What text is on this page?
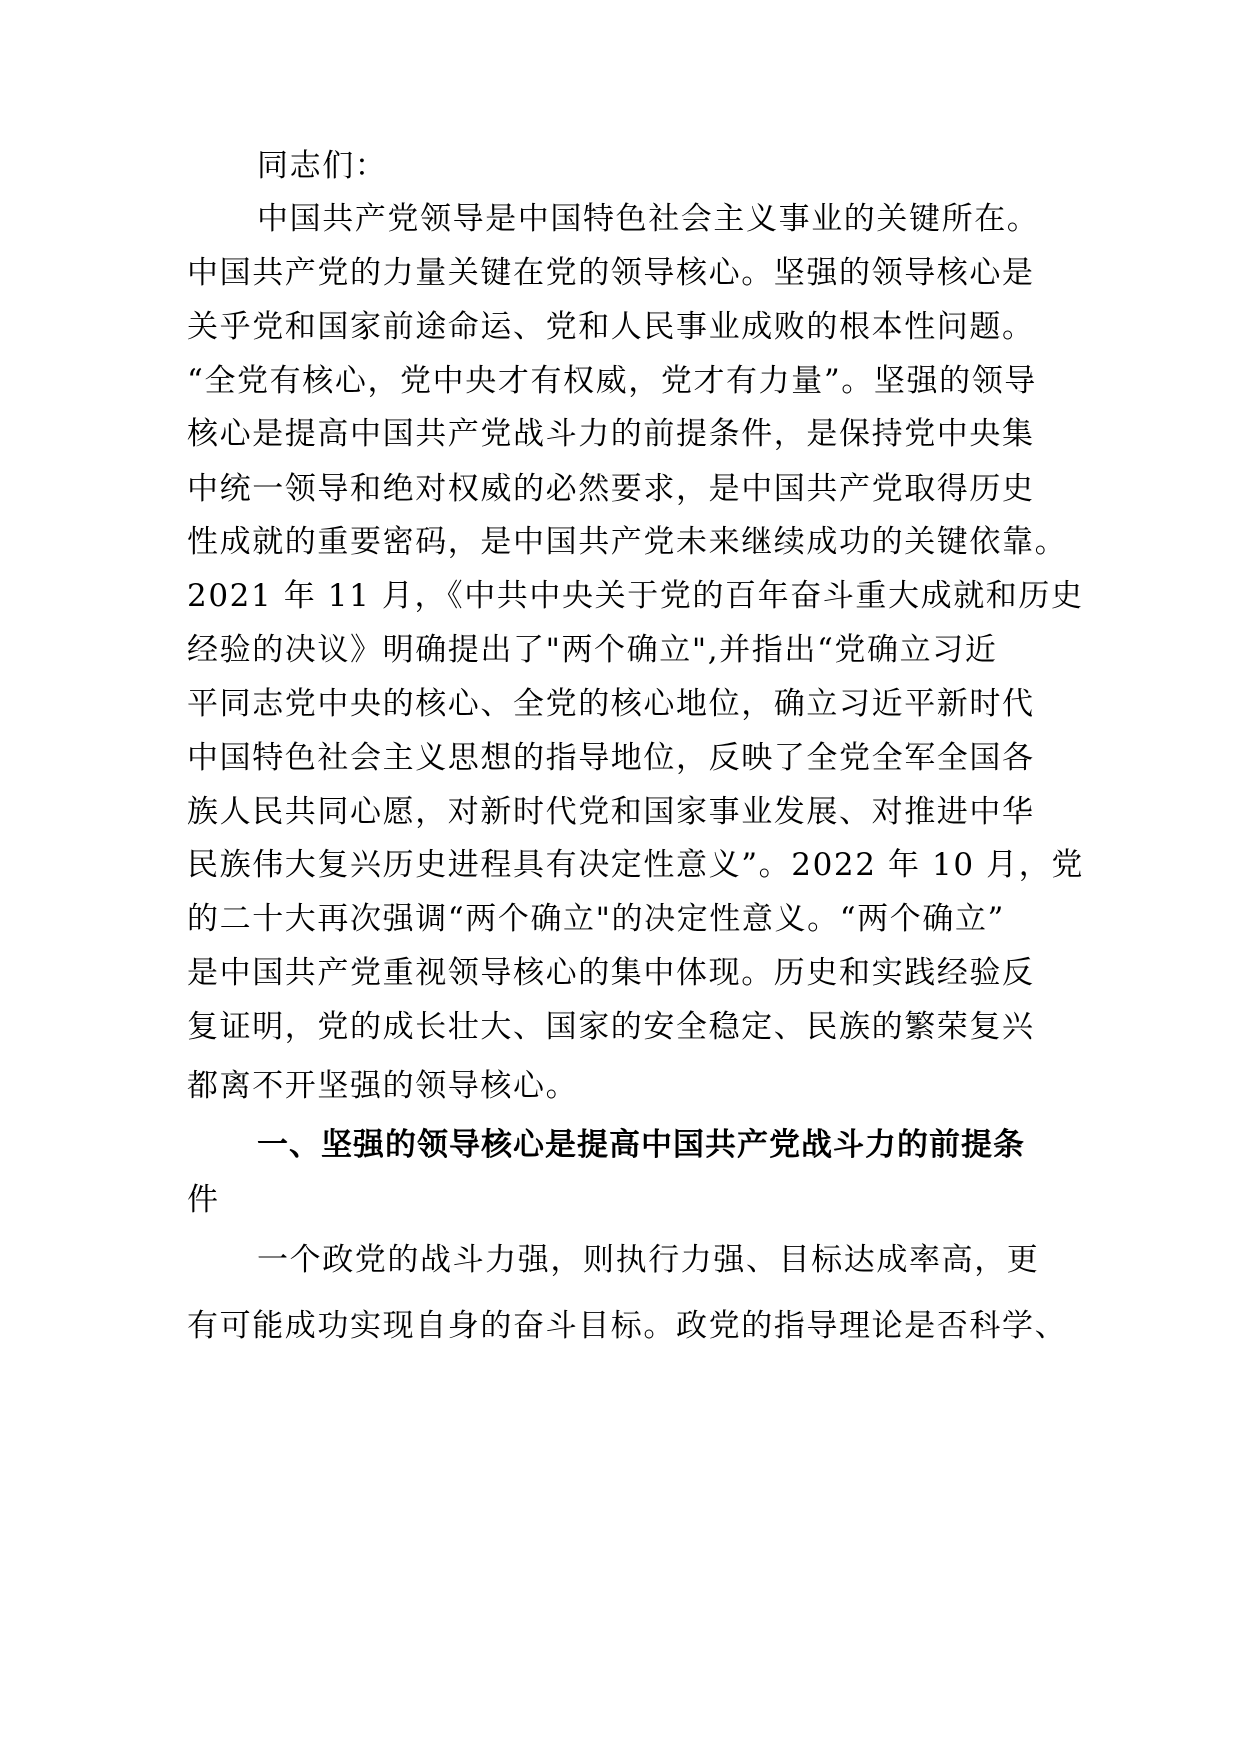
同志们：
中国共产党领导是中国特色社会主义事业的关键所在。
中国共产党的力量关键在党的领导核心。坚强的领导核心是
关乎党和国家前途命运、党和人民事业成败的根本性问题。
“全党有核心，党中央才有权威，党才有力量”。坚强的领导
核心是提高中国共产党战斗力的前提条件，是保持党中央集
中统一领导和绝对权威的必然要求，是中国共产党取得历史
性成就的重要密码，是中国共产党未来继续成功的关键依靠。
2021 年 11 月，《中共中央关于党的百年奋斗重大成就和历史
经验的决议》明确提出了"两个确立",并指出“党确立习近
平同志党中央的核心、全党的核心地位，确立习近平新时代
中国特色社会主义思想的指导地位，反映了全党全军全国各
族人民共同心愿，对新时代党和国家事业发展、对推进中华
民族伟大复兴历史进程具有决定性意义”。2022 年 10 月，党
的二十大再次强调“两个确立"的决定性意义。“两个确立”
是中国共产党重视领导核心的集中体现。历史和实践经验反
复证明，党的成长壮大、国家的安全稳定、民族的繁荣复兴
都离不开坚强的领导核心。
一、坚强的领导核心是提高中国共产党战斗力的前提条
件
一个政党的战斗力强，则执行力强、目标达成率高，更
有可能成功实现自身的奋斗目标。政党的指导理论是否科学、
